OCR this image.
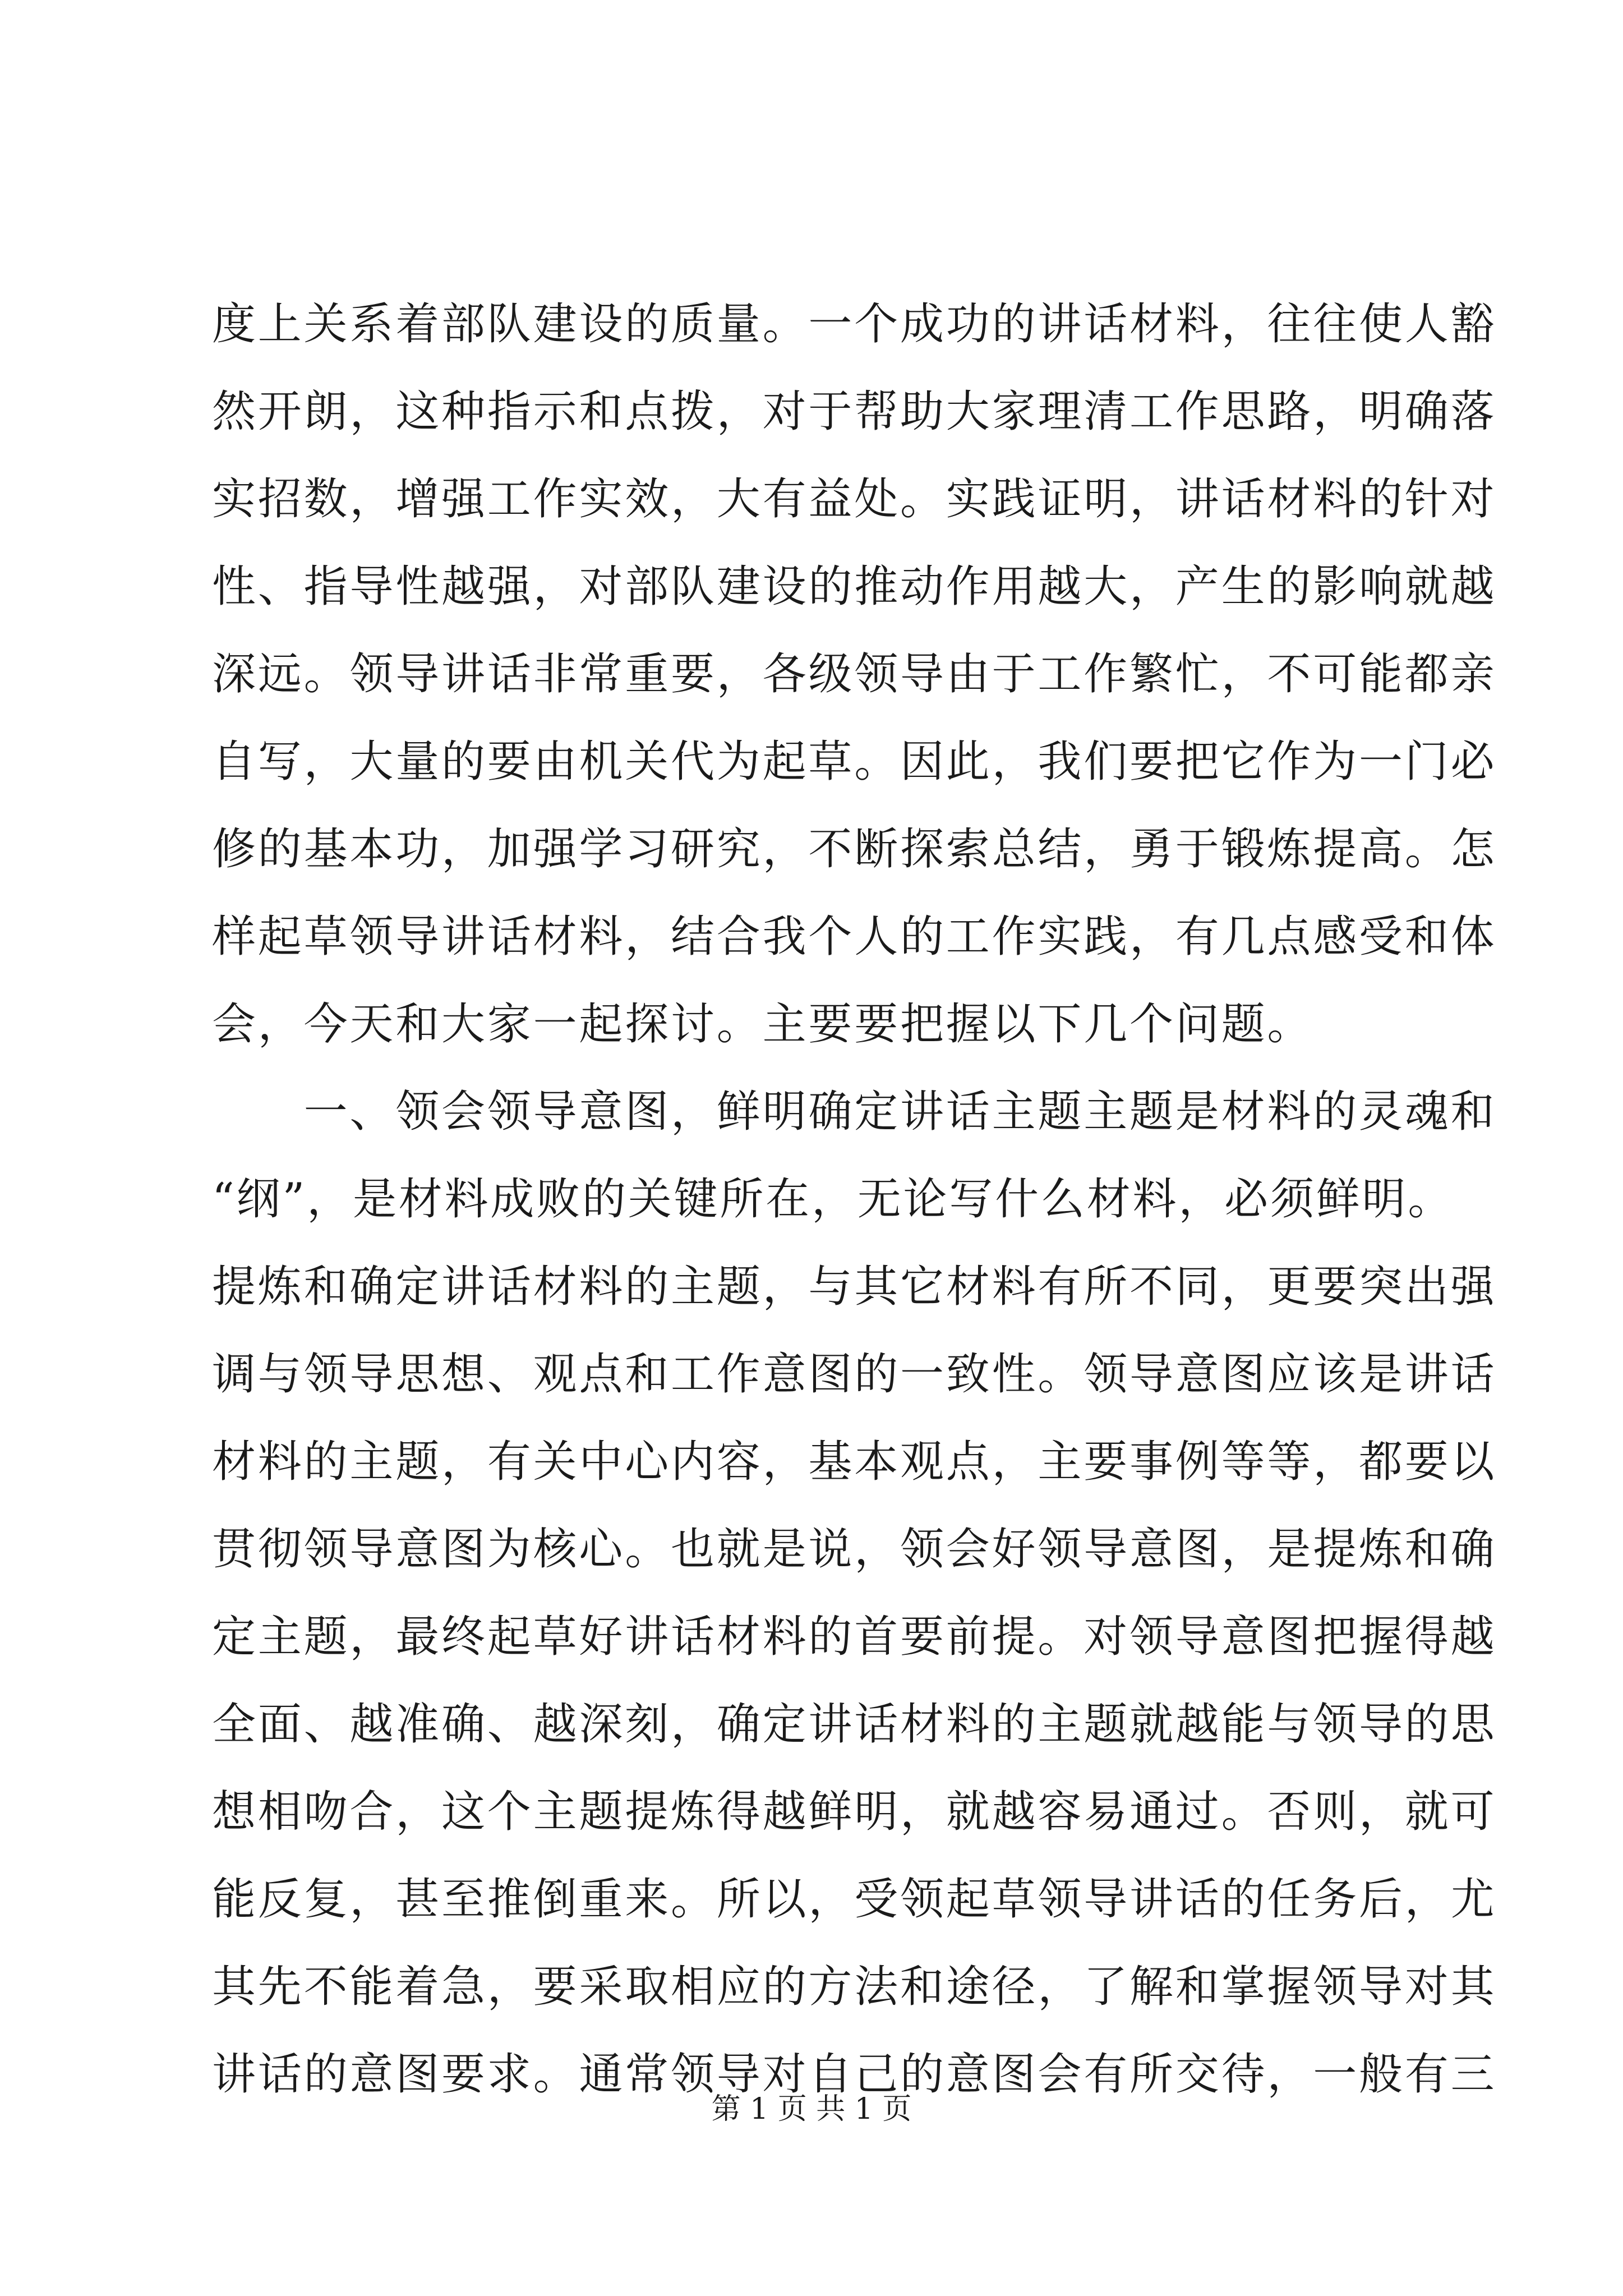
度上关系着部队建设的质量。一个成功的讲话材料，往往使人豁
然开朗，这种指示和点拨，对于帮助大家理清工作思路，明确落
实招数，增强工作实效，大有益处。实践证明，讲话材料的针对
性、指导性越强，对部队建设的推动作用越大，产生的影响就越
深远。领导讲话非常重要，各级领导由于工作繁忙，不可能都亲
自写，大量的要由机关代为起草。因此，我们要把它作为一门必
修的基本功，加强学习研究，不断探索总结，勇于锻炼提高。怎
样起草领导讲话材料，结合我个人的工作实践，有几点感受和体
会，今天和大家一起探讨。主要要把握以下几个问题。
　　一、领会领导意图，鲜明确定讲话主题主题是材料的灵魂和
“纲”，是材料成败的关键所在，无论写什么材料，必须鲜明。
提炼和确定讲话材料的主题，与其它材料有所不同，更要突出强
调与领导思想、观点和工作意图的一致性。领导意图应该是讲话
材料的主题，有关中心内容，基本观点，主要事例等等，都要以
贯彻领导意图为核心。也就是说，领会好领导意图，是提炼和确
定主题，最终起草好讲话材料的首要前提。对领导意图把握得越
全面、越准确、越深刻，确定讲话材料的主题就越能与领导的思
想相吻合，这个主题提炼得越鲜明，就越容易通过。否则，就可
能反复，甚至推倒重来。所以，受领起草领导讲话的任务后，尤
其先不能着急，要采取相应的方法和途径，了解和掌握领导对其
讲话的意图要求。通常领导对自己的意图会有所交待，一般有三
第 1 页 共 1 页
